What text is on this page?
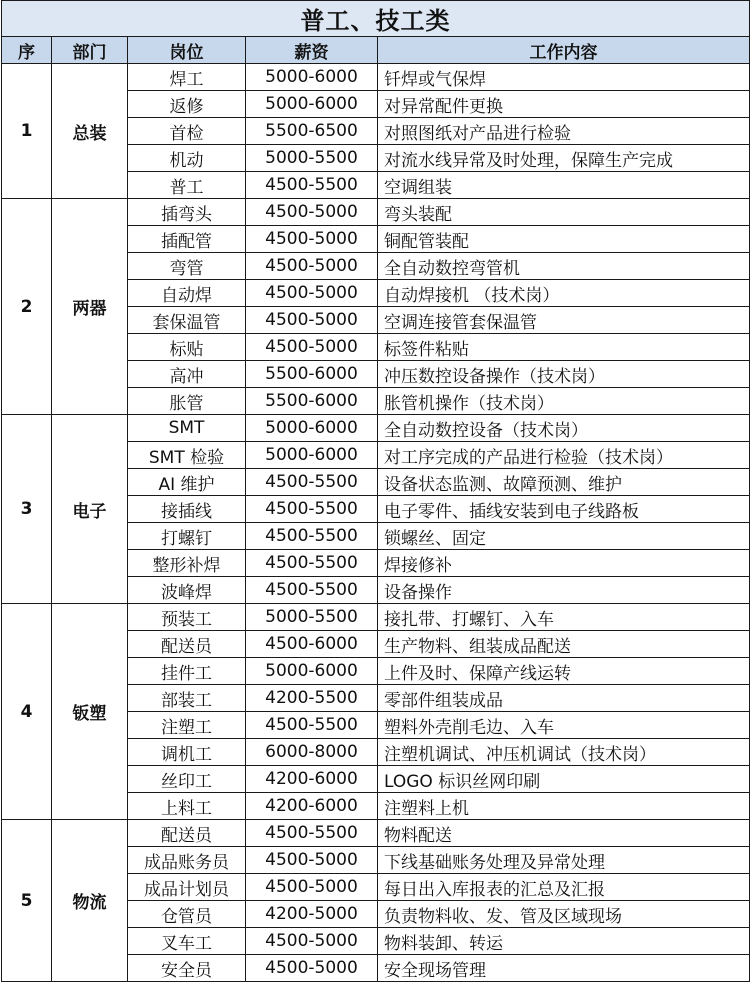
普工、技工类				
序	部门	岗位	薪资	工作内容
1	总装	焊工	5000-6000	钎焊或气保焊
		返修	5000-6000	对异常配件更换
		首检	5500-6500	对照图纸对产品进行检验
		机动	5000-5500	对流水线异常及时处理，保障生产完成
		普工	4500-5500	空调组装
2	两器	插弯头	4500-5000	弯头装配
		插配管	4500-5000	铜配管装配
		弯管	4500-5000	全自动数控弯管机
		自动焊	4500-5000	自动焊接机 （技术岗）
		套保温管	4500-5000	空调连接管套保温管
		标贴	4500-5000	标签件粘贴
		高冲	5500-6000	冲压数控设备操作（技术岗）
		胀管	5500-6000	胀管机操作（技术岗）
3	电子	SMT	5000-6000	全自动数控设备（技术岗）
		SMT 检验	5000-6000	对工序完成的产品进行检验（技术岗）
		AI 维护	4500-5500	设备状态监测、故障预测、维护
		接插线	4500-5500	电子零件、插线安装到电子线路板
		打螺钉	4500-5500	锁螺丝、固定
		整形补焊	4500-5500	焊接修补
		波峰焊	4500-5500	设备操作
4	钣塑	预装工	5000-5500	接扎带、打螺钉、入车
		配送员	4500-6000	生产物料、组装成品配送
		挂件工	5000-6000	上件及时、保障产线运转
		部装工	4200-5500	零部件组装成品
		注塑工	4500-5500	塑料外壳削毛边、入车
		调机工	6000-8000	注塑机调试、冲压机调试（技术岗）
		丝印工	4200-6000	LOGO 标识丝网印刷
		上料工	4200-6000	注塑料上机
5	物流	配送员	4500-5500	物料配送
		成品账务员	4500-5000	下线基础账务处理及异常处理
		成品计划员	4500-5000	每日出入库报表的汇总及汇报
		仓管员	4200-5000	负责物料收、发、管及区域现场
		叉车工	4500-5000	物料装卸、转运
		安全员	4500-5000	安全现场管理
